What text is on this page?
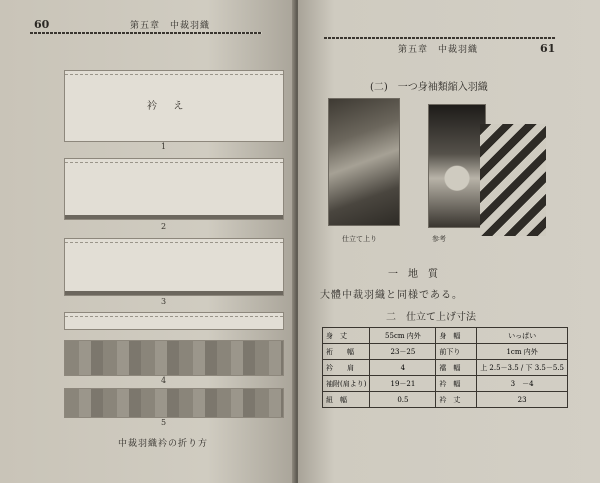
60	第五章　中裁羽織
衿 　 え
1
2
3
4
5
中裁羽織衿の折り方
第五章　中裁羽織	61
(二)　一つ身袖類縮入羽織
仕立て上り	参考
一　地　質
大體中裁羽織と同様である。
二　仕立て上げ寸法
身　丈	55cm 内外	身　幅	いっぱい
裄　　幅	23－25	前下り	1cm 内外
衿　　肩	4	襠　幅	上 2.5－3.5 / 下 3.5－5.5
袖附(肩より)	19－21	衿　幅	3　－4
紐　幅	0.5	衿　丈	23
